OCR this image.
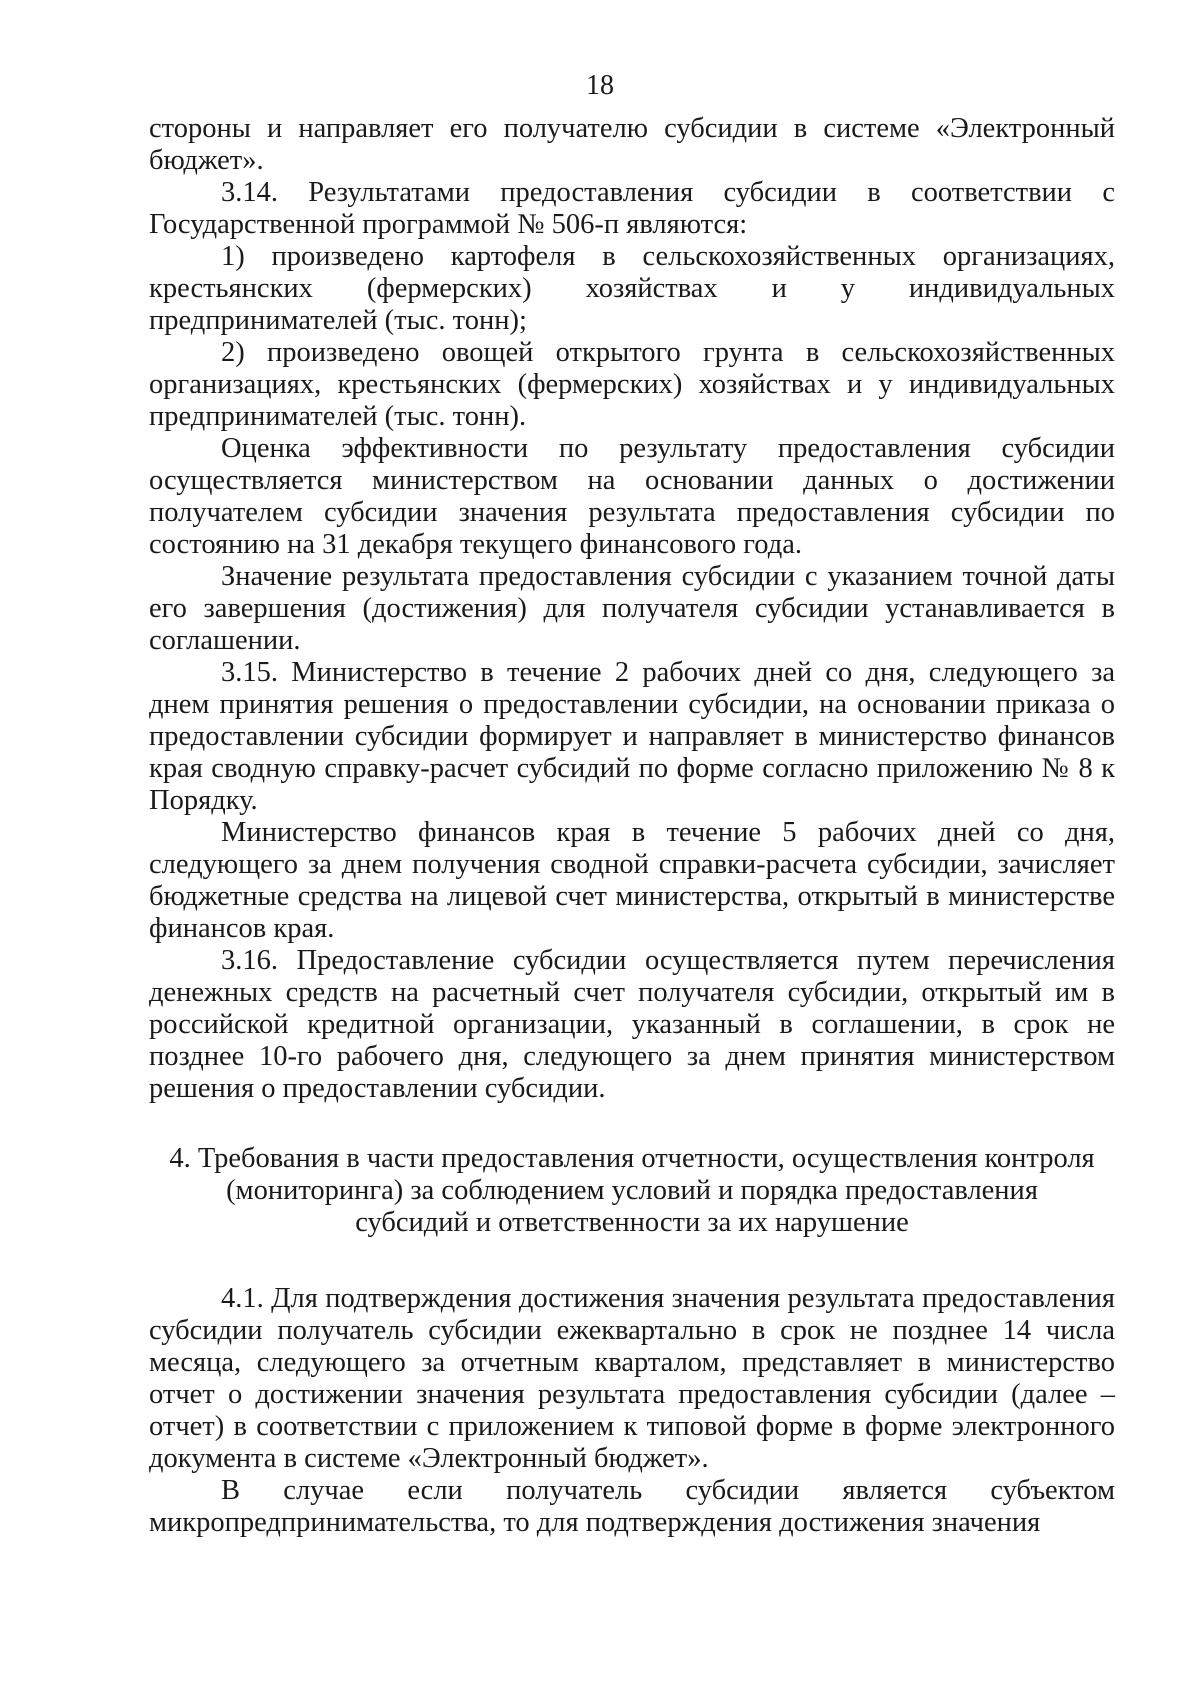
18

стороны и направляет его получателю субсидии в системе «Электронный бюджет».

3.14. Результатами предоставления субсидии в соответствии с Государственной программой № 506-п являются:

1) произведено картофеля в сельскохозяйственных организациях, крестьянских (фермерских) хозяйствах и у индивидуальных предпринимателей (тыс. тонн);

2) произведено овощей открытого грунта в сельскохозяйственных организациях, крестьянских (фермерских) хозяйствах и у индивидуальных предпринимателей (тыс. тонн).

Оценка эффективности по результату предоставления субсидии осуществляется министерством на основании данных о достижении получателем субсидии значения результата предоставления субсидии по состоянию на 31 декабря текущего финансового года.

Значение результата предоставления субсидии с указанием точной даты его завершения (достижения) для получателя субсидии устанавливается в соглашении.

3.15. Министерство в течение 2 рабочих дней со дня, следующего за днем принятия решения о предоставлении субсидии, на основании приказа о предоставлении субсидии формирует и направляет в министерство финансов края сводную справку-расчет субсидий по форме согласно приложению № 8 к Порядку.

Министерство финансов края в течение 5 рабочих дней со дня, следующего за днем получения сводной справки-расчета субсидии, зачисляет бюджетные средства на лицевой счет министерства, открытый в министерстве финансов края.

3.16. Предоставление субсидии осуществляется путем перечисления денежных средств на расчетный счет получателя субсидии, открытый им в российской кредитной организации, указанный в соглашении, в срок не позднее 10-го рабочего дня, следующего за днем принятия министерством решения о предоставлении субсидии.

4. Требования в части предоставления отчетности, осуществления контроля (мониторинга) за соблюдением условий и порядка предоставления субсидий и ответственности за их нарушение

4.1. Для подтверждения достижения значения результата предоставления субсидии получатель субсидии ежеквартально в срок не позднее 14 числа месяца, следующего за отчетным кварталом, представляет в министерство отчет о достижении значения результата предоставления субсидии (далее – отчет) в соответствии с приложением к типовой форме в форме электронного документа в системе «Электронный бюджет».

В случае если получатель субсидии является субъектом микропредпринимательства, то для подтверждения достижения значения
